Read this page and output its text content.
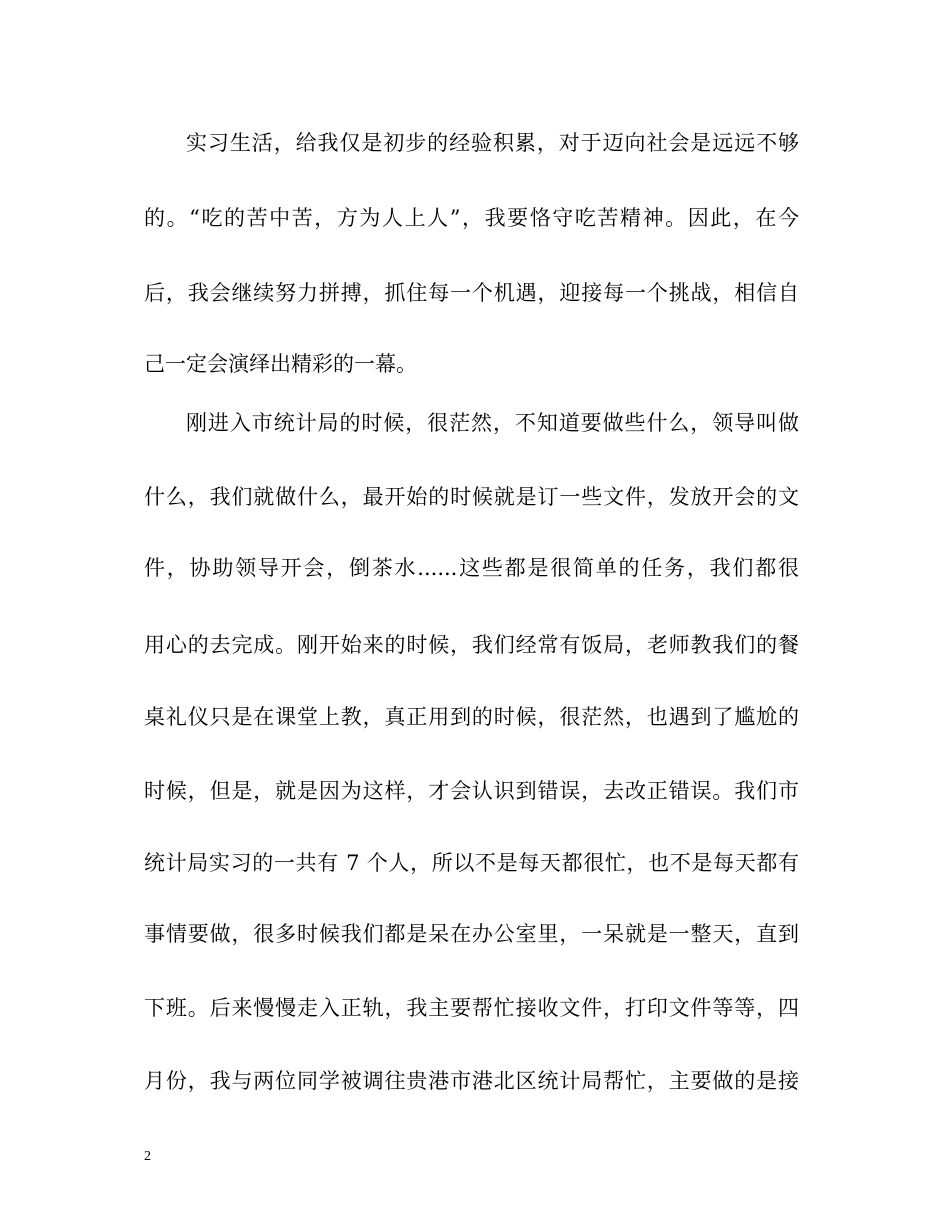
实习生活，给我仅是初步的经验积累，对于迈向社会是远远不够
的。“吃的苦中苦，方为人上人”，我要恪守吃苦精神。因此，在今
后，我会继续努力拼搏，抓住每一个机遇，迎接每一个挑战，相信自
己一定会演绎出精彩的一幕。
刚进入市统计局的时候，很茫然，不知道要做些什么，领导叫做
什么，我们就做什么，最开始的时候就是订一些文件，发放开会的文
件，协助领导开会，倒茶水......这些都是很简单的任务，我们都很
用心的去完成。刚开始来的时候，我们经常有饭局，老师教我们的餐
桌礼仪只是在课堂上教，真正用到的时候，很茫然，也遇到了尴尬的
时候，但是，就是因为这样，才会认识到错误，去改正错误。我们市
统计局实习的一共有 7 个人，所以不是每天都很忙，也不是每天都有
事情要做，很多时候我们都是呆在办公室里，一呆就是一整天，直到
下班。后来慢慢走入正轨，我主要帮忙接收文件，打印文件等等，四
月份，我与两位同学被调往贵港市港北区统计局帮忙，主要做的是接
2
